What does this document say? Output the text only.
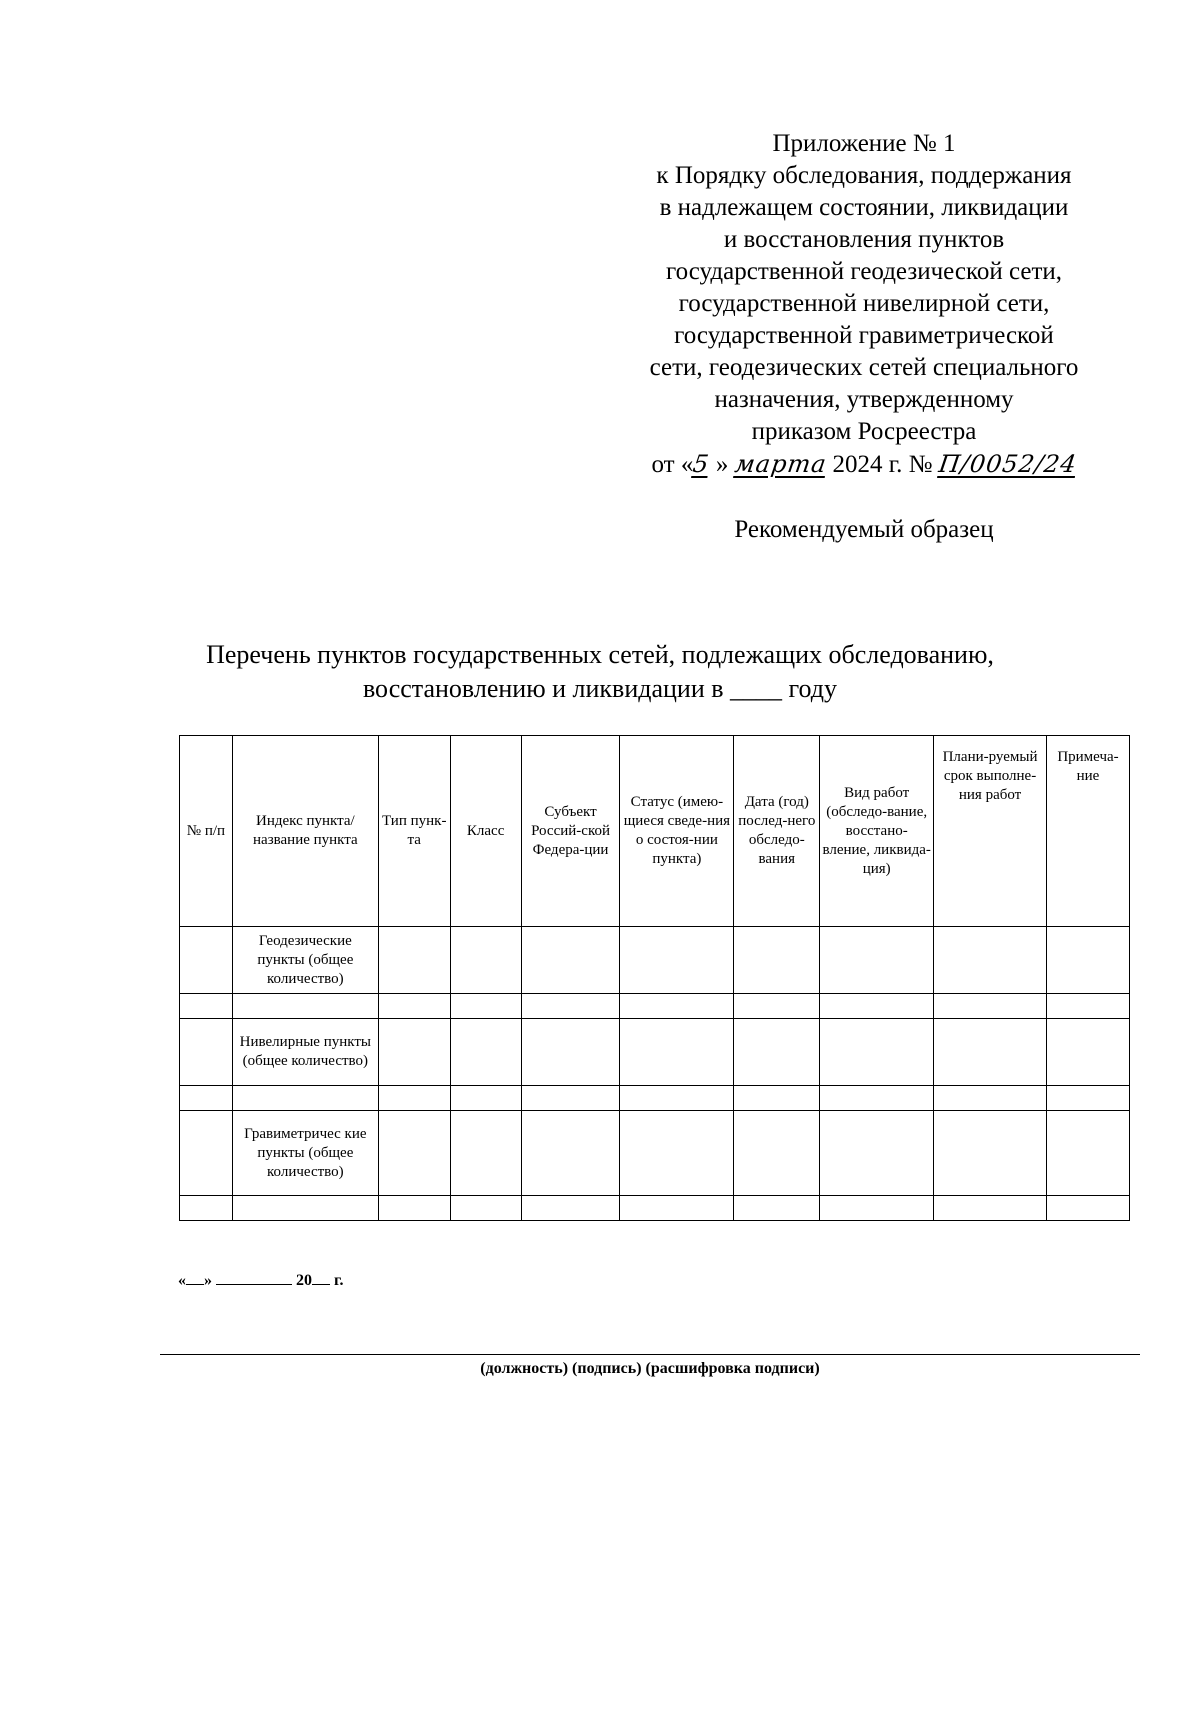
Приложение № 1
к Порядку обследования, поддержания
в надлежащем состоянии, ликвидации
и восстановления пунктов
государственной геодезической сети,
государственной нивелирной сети,
государственной гравиметрической
сети, геодезических сетей специального
назначения, утвержденному
приказом Росреестра
от «5 » марта 2024 г. № П/0052/24
Рекомендуемый образец
Перечень пунктов государственных сетей, подлежащих обследованию,
восстановлению и ликвидации в ____ году
№ п/п	Индекс пункта/ название пункта	Тип пунк-та	Класс	Субъект Россий-ской Федера-ции	Статус (имею-щиеся сведе-ния о состоя-нии пункта)	Дата (год) послед-него обследо-вания	Вид работ (обследо-вание, восстано-вление, ликвида-ция)	Плани-руемый срок выполне-ния работ	Примеча-ние
	Геодезические пункты (общее количество)								

	Нивелирные пункты (общее количество)								

	Гравиметричес кие пункты (общее количество)								

« »	20 г.
(должность) (подпись) (расшифровка подписи)
